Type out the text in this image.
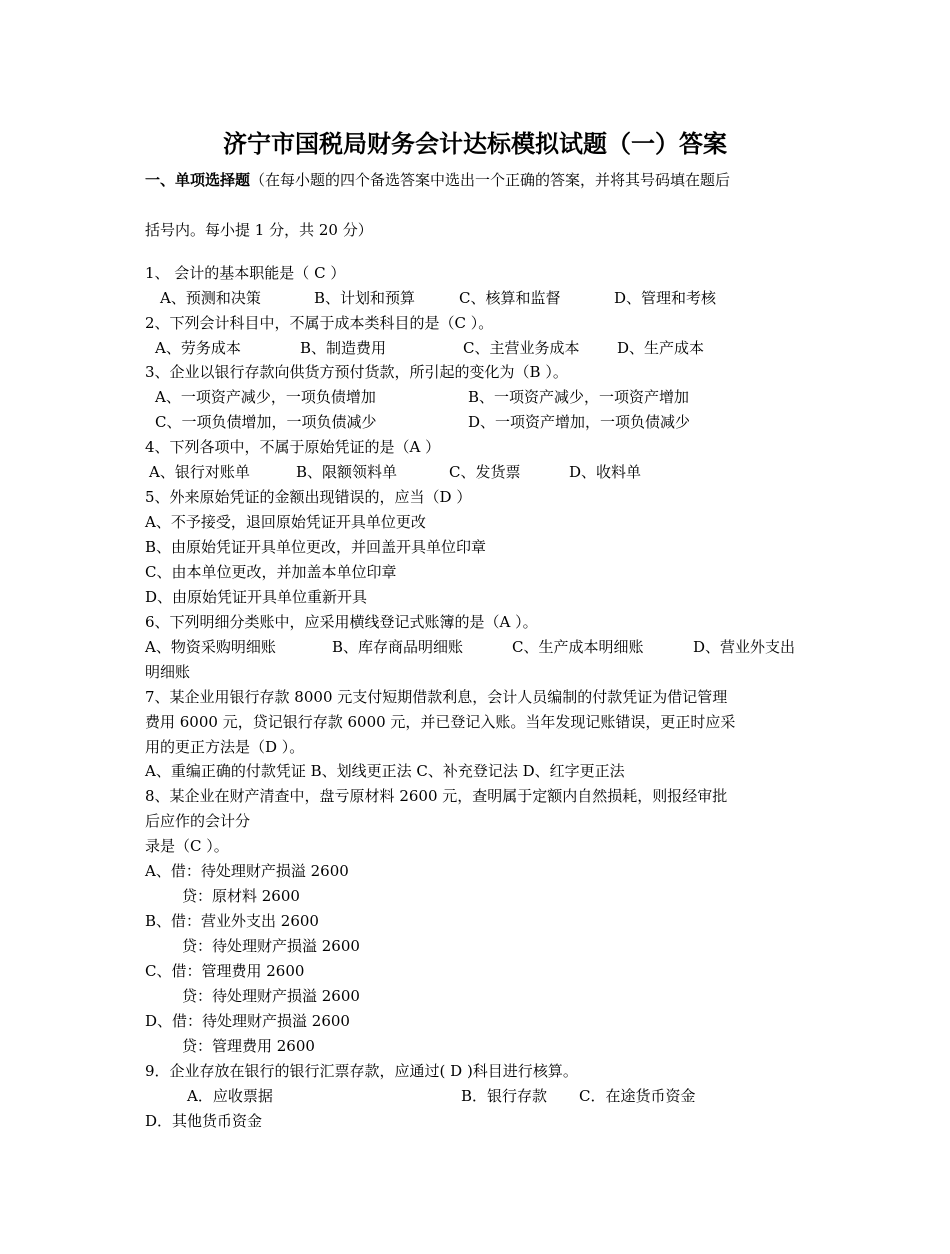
济宁市国税局财务会计达标模拟试题（一）答案
一、单项选择题（在每小题的四个备选答案中选出一个正确的答案，并将其号码填在题后
括号内。每小提 1 分，共 20 分）
1、 会计的基本职能是（ C ）
A、预测和决策	B、计划和预算	C、核算和监督	D、管理和考核
2、下列会计科目中，不属于成本类科目的是（C ）。
A、劳务成本	B、制造费用	C、主营业务成本	D、生产成本
3、企业以银行存款向供货方预付货款，所引起的变化为（B ）。
A、一项资产减少，一项负债增加	B、一项资产减少，一项资产增加
C、一项负债增加，一项负债减少	D、一项资产增加，一项负债减少
4、下列各项中，不属于原始凭证的是（A ）
A、银行对账单	B、限额领料单	C、发货票	D、收料单
5、外来原始凭证的金额出现错误的，应当（D ）
A、不予接受，退回原始凭证开具单位更改
B、由原始凭证开具单位更改，并回盖开具单位印章
C、由本单位更改，并加盖本单位印章
D、由原始凭证开具单位重新开具
6、下列明细分类账中，应采用横线登记式账簿的是（A ）。
A、物资采购明细账	B、库存商品明细账	C、生产成本明细账	D、营业外支出
明细账
7、某企业用银行存款 8000 元支付短期借款利息，会计人员编制的付款凭证为借记管理
费用 6000 元，贷记银行存款 6000 元，并已登记入账。当年发现记账错误，更正时应采
用的更正方法是（D ）。
A、重编正确的付款凭证 B、划线更正法 C、补充登记法 D、红字更正法
8、某企业在财产清查中，盘亏原材料 2600 元，查明属于定额内自然损耗，则报经审批
后应作的会计分
录是（C ）。
A、借：待处理财产损溢 2600
贷：原材料 2600
B、借：营业外支出 2600
贷：待处理财产损溢 2600
C、借：管理费用 2600
贷：待处理财产损溢 2600
D、借：待处理财产损溢 2600
贷：管理费用 2600
9．企业存放在银行的银行汇票存款，应通过( D )科目进行核算。
A．应收票据	B．银行存款 C．在途货币资金
D．其他货币资金
